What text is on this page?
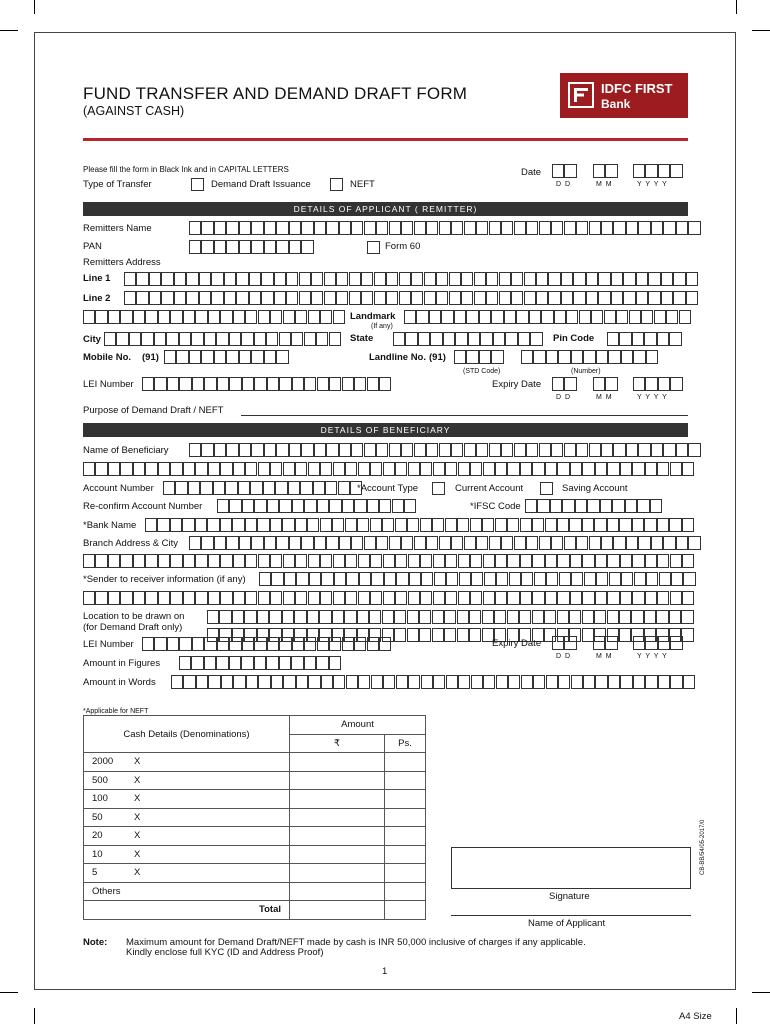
FUND TRANSFER AND DEMAND DRAFT FORM
(AGAINST CASH)
IDFC FIRST
Bank
Please fill the form in Black Ink and in CAPITAL LETTERS	Date
D D	M M	Y Y Y Y
Type of Transfer	Demand Draft Issuance	NEFT
DETAILS OF APPLICANT ( REMITTER)
Remitters Name
PAN	Form 60
Remitters Address
Line 1
Line 2
Landmark
(If any)
City	State	Pin Code
Mobile No. (91)	Landline No. (91)
(STD Code)	(Number)
LEI Number	Expiry Date
D D	M M	Y Y Y Y
Purpose of Demand Draft / NEFT
DETAILS OF BENEFICIARY
Name of Beneficiary
Account Number	*Account Type	Current Account	Saving Account
Re-confirm Account Number	*IFSC Code
*Bank Name
Branch Address & City
*Sender to receiver information (if any)
Location to be drawn on
(for Demand Draft only)
LEI Number	Expiry Date
D D	M M	Y Y Y Y
Amount in Figures
Amount in Words
*Applicable for NEFT
Cash Details (Denominations)	Amount	
	₹	Ps.
2000 X		
500 X		
100 X		
50 X		
20 X		
10 X		
5 X		
Others		
Total		
Signature
Name of Applicant
CB-BB/54/05-2017/0
Note: Maximum amount for Demand Draft/NEFT made by cash is INR 50,000 inclusive of charges if any applicable.
Kindly enclose full KYC (ID and Address Proof)
1
A4 Size
